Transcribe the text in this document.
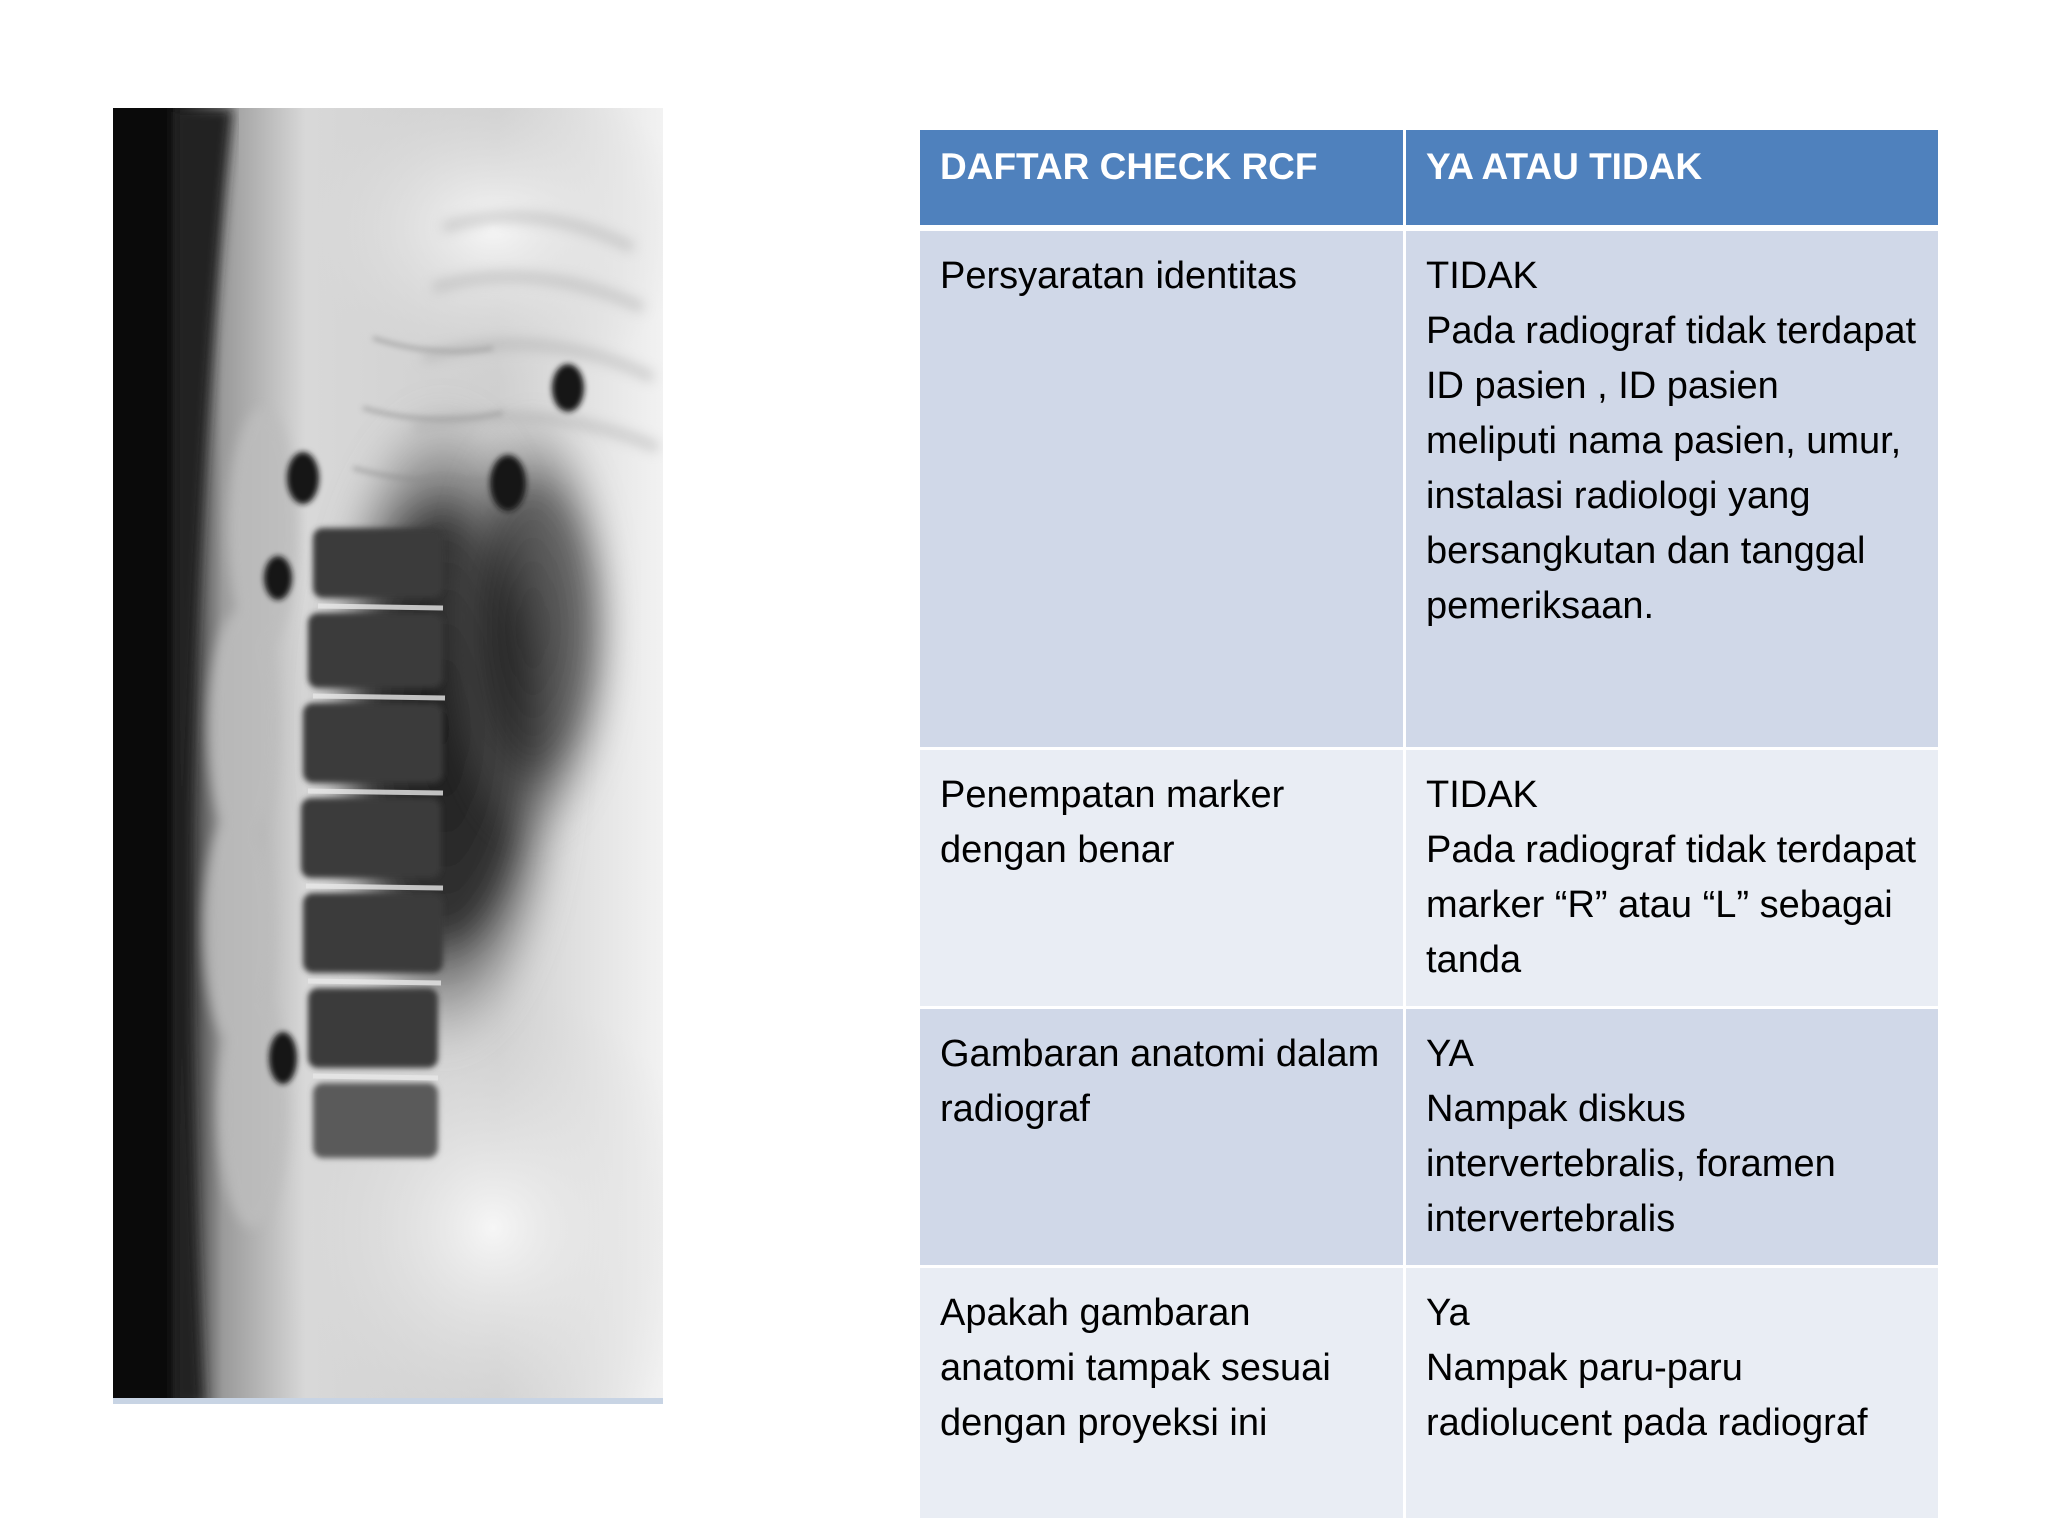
DAFTAR CHECK RCF	YA ATAU TIDAK
Persyaratan identitas	TIDAK
Pada radiograf tidak terdapat ID pasien , ID pasien meliputi nama pasien, umur, instalasi radiologi yang bersangkutan dan tanggal pemeriksaan.

Penempatan marker dengan benar	TIDAK
Pada radiograf tidak terdapat marker “R” atau “L” sebagai tanda

Gambaran anatomi dalam radiograf	YA
Nampak diskus intervertebralis, foramen intervertebralis

Apakah gambaran anatomi tampak sesuai dengan proyeksi ini	Ya
Nampak paru-paru radiolucent pada radiograf
